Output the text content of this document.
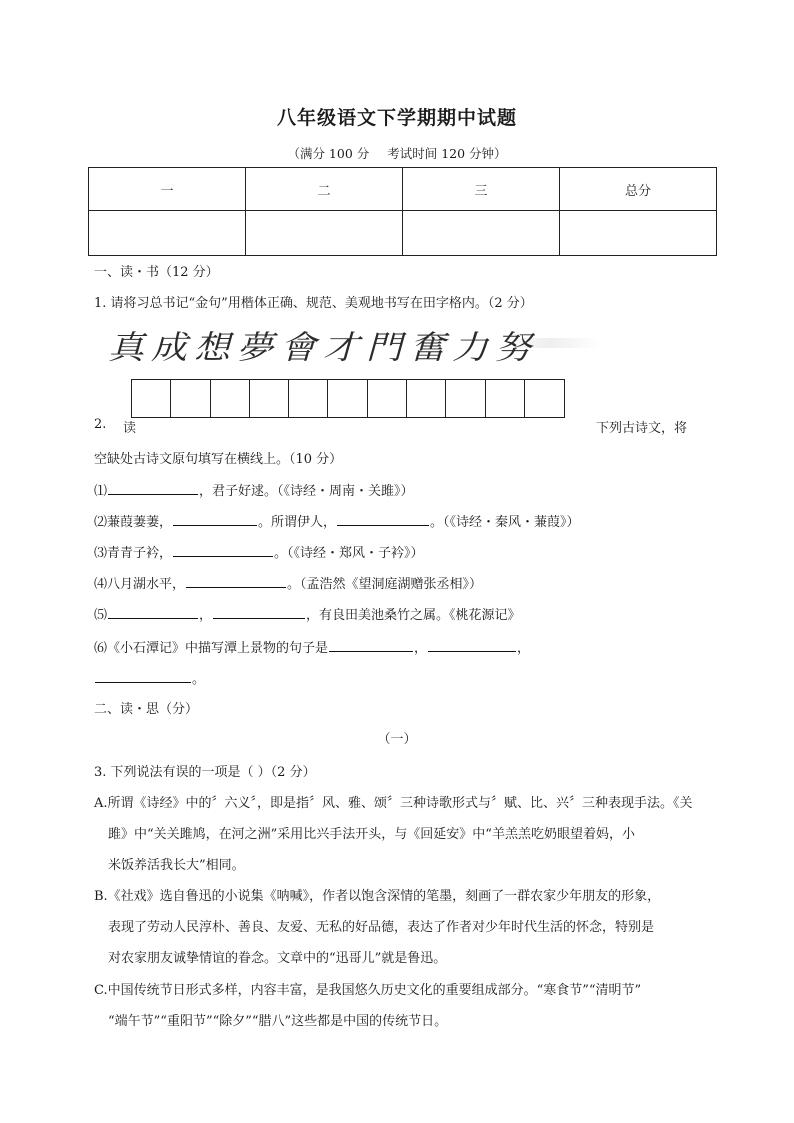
八年级语文下学期期中试题
（满分 100 分 考试时间 120 分钟）
一	二	三	总分

一、读・书（12 分）
1. 请将习总书记“金句”用楷体正确、规范、美观地书写在田字格内。（2 分）
真成想夢會才門奮力努
2. 读	下列古诗文，将
空缺处古诗文原句填写在横线上。（10 分）
⑴	，君子好逑。（《诗经・周南・关雎》）
⑵蒹葭萋萋，	。所谓伊人，	。（《诗经・秦风・蒹葭》）
⑶青青子衿，	。（《诗经・郑风・子衿》）
⑷八月湖水平，	。（孟浩然《望洞庭湖赠张丞相》）
⑸	，	，有良田美池桑竹之属。《桃花源记》
⑹《小石潭记》中描写潭上景物的句子是	，	，
。
二、读・思（分）
（一）
3. 下列说法有误的一项是（ ）（2 分）
A.所谓《诗经》中的〞六义〞，即是指〞风、雅、颂〞三种诗歌形式与〞赋、比、兴〞三种表现手法。《关
雎》中“关关雎鸠，在河之洲”采用比兴手法开头，与《回延安》中“羊羔羔吃奶眼望着妈，小
米饭养活我长大”相同。
B.《社戏》选自鲁迅的小说集《呐喊》，作者以饱含深情的笔墨，刻画了一群农家少年朋友的形象，
表现了劳动人民淳朴、善良、友爱、无私的好品德，表达了作者对少年时代生活的怀念，特别是
对农家朋友诚挚情谊的眷念。文章中的“迅哥儿”就是鲁迅。
C.中国传统节日形式多样，内容丰富，是我国悠久历史文化的重要组成部分。“寒食节”“清明节”
“端午节”“重阳节”“除夕”“腊八”这些都是中国的传统节日。
